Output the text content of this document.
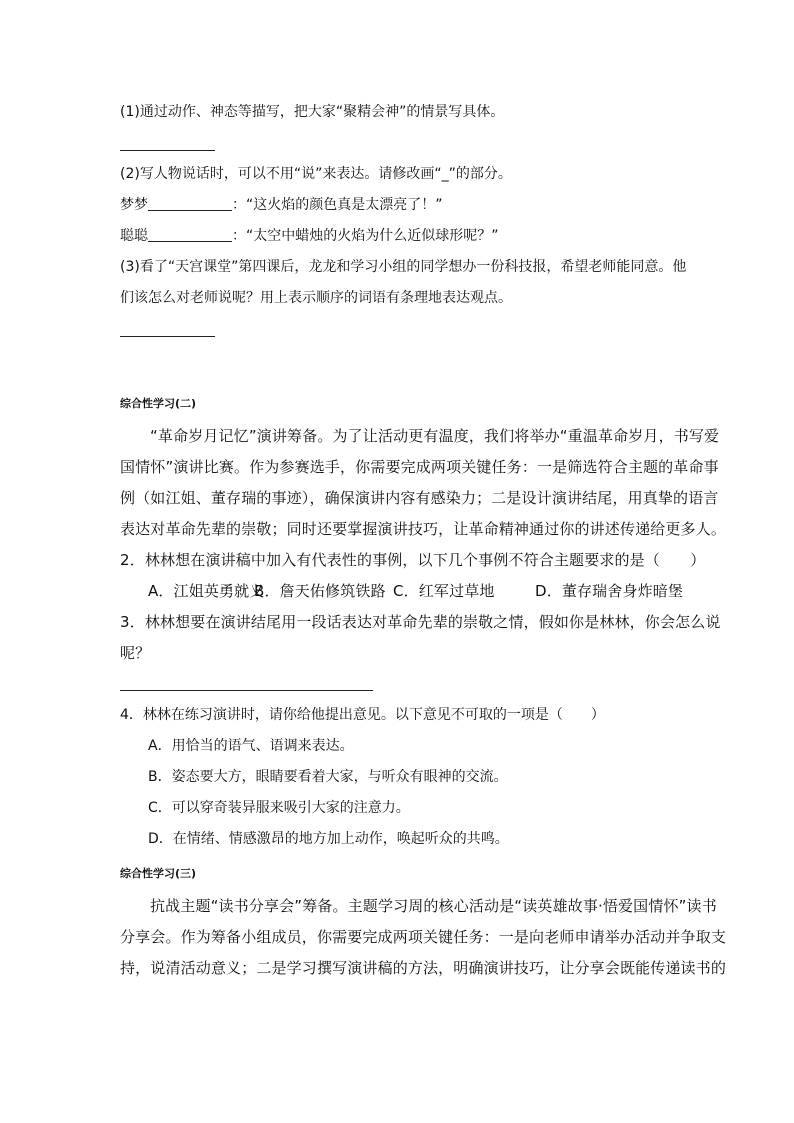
(1)通过动作、神态等描写，把大家“聚精会神”的情景写具体。
(2)写人物说话时，可以不用“说”来表达。请修改画“_”的部分。
梦梦	：“这火焰的颜色真是太漂亮了！”
聪聪	：“太空中蜡烛的火焰为什么近似球形呢？”
(3)看了“天宫课堂”第四课后，龙龙和学习小组的同学想办一份科技报，希望老师能同意。他
们该怎么对老师说呢？用上表示顺序的词语有条理地表达观点。
综合性学习(二)
“革命岁月记忆”演讲筹备。为了让活动更有温度，我们将举办“重温革命岁月，书写爱
国情怀”演讲比赛。作为参赛选手，你需要完成两项关键任务：一是筛选符合主题的革命事
例（如江姐、董存瑞的事迹），确保演讲内容有感染力；二是设计演讲结尾，用真挚的语言
表达对革命先辈的崇敬；同时还要掌握演讲技巧，让革命精神通过你的讲述传递给更多人。
2．林林想在演讲稿中加入有代表性的事例，以下几个事例不符合主题要求的是（　　）
A．江姐英勇就义B．詹天佑修筑铁路 C．红军过草地	D．董存瑞舍身炸暗堡
3．林林想要在演讲结尾用一段话表达对革命先辈的崇敬之情，假如你是林林，你会怎么说
呢？
4．林林在练习演讲时，请你给他提出意见。以下意见不可取的一项是（　　）
A．用恰当的语气、语调来表达。
B．姿态要大方，眼睛要看着大家，与听众有眼神的交流。
C．可以穿奇装异服来吸引大家的注意力。
D．在情绪、情感激昂的地方加上动作，唤起听众的共鸣。
综合性学习(三)
抗战主题“读书分享会”筹备。主题学习周的核心活动是“读英雄故事·悟爱国情怀”读书
分享会。作为筹备小组成员，你需要完成两项关键任务：一是向老师申请举办活动并争取支
持，说清活动意义；二是学习撰写演讲稿的方法，明确演讲技巧，让分享会既能传递读书的
